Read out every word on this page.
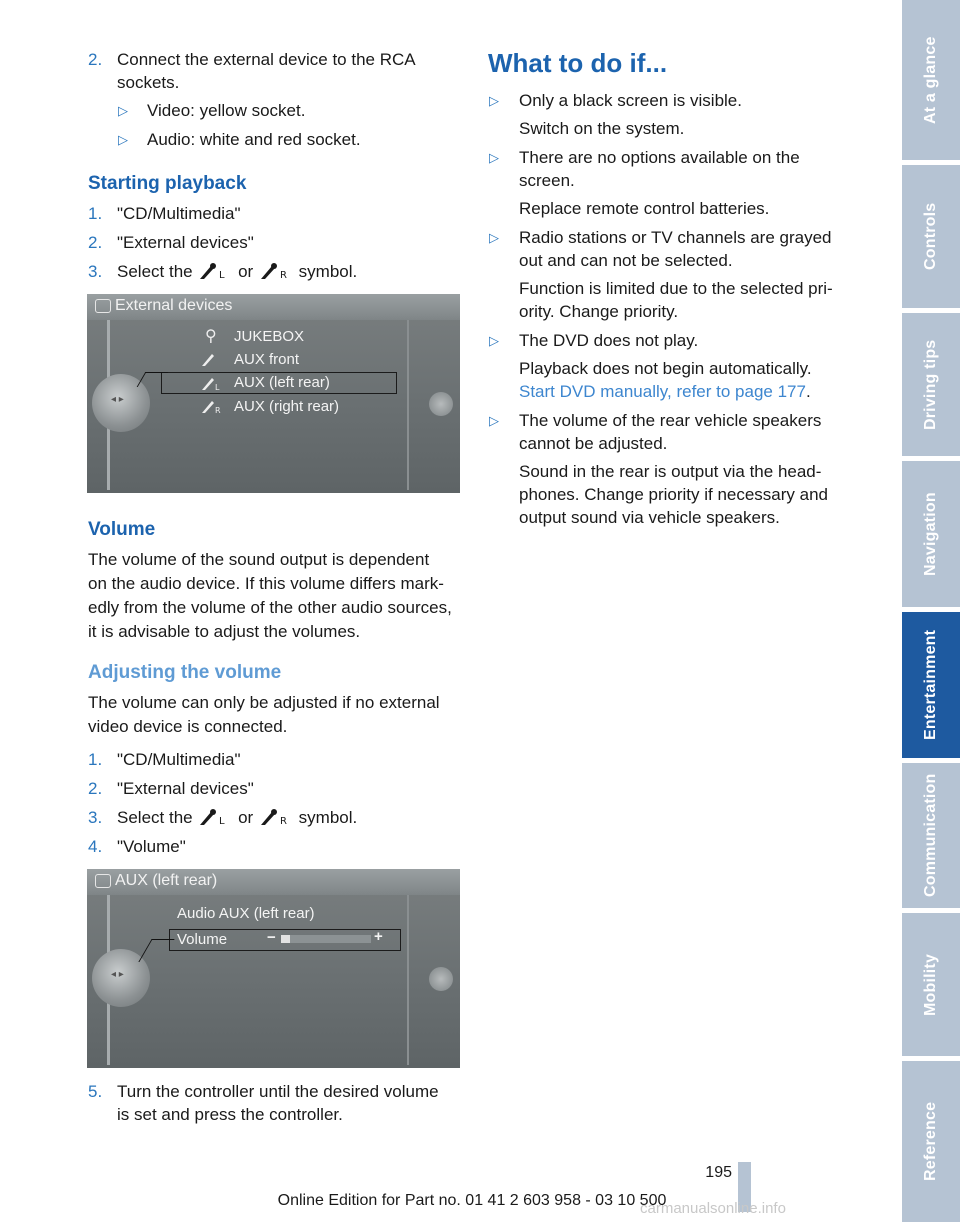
2. Connect the external device to the RCA
sockets.
▷ Video: yellow socket.
▷ Audio: white and red socket.
Starting playback
1. "CD/Multimedia"
2. "External devices"
3. Select the	L or	R symbol.
External devices
⚲ JUKEBOX
AUX front
L AUX (left rear)
R AUX (right rear)
◂ ▸
Volume
The volume of the sound output is dependent
on the audio device. If this volume differs mark-
edly from the volume of the other audio sources,
it is advisable to adjust the volumes.
Adjusting the volume
The volume can only be adjusted if no external
video device is connected.
1. "CD/Multimedia"
2. "External devices"
3. Select the	L or	R symbol.
4. "Volume"
AUX (left rear)
Audio AUX (left rear)
Volume	−	+
◂ ▸
5. Turn the controller until the desired volume
is set and press the controller.
What to do if...
▷ Only a black screen is visible.
Switch on the system.
▷ There are no options available on the
screen.
Replace remote control batteries.
▷ Radio stations or TV channels are grayed
out and can not be selected.
Function is limited due to the selected pri-
ority. Change priority.
▷ The DVD does not play.
Playback does not begin automatically.
Start DVD manually, refer to page 177.
▷ The volume of the rear vehicle speakers
cannot be adjusted.
Sound in the rear is output via the head-
phones. Change priority if necessary and
output sound via vehicle speakers.
At a glance
Controls
Driving tips
Navigation
Entertainment
Communication
Mobility
Reference
195
Online Edition for Part no. 01 41 2 603 958 - 03 10 500
carmanualsonline.info
